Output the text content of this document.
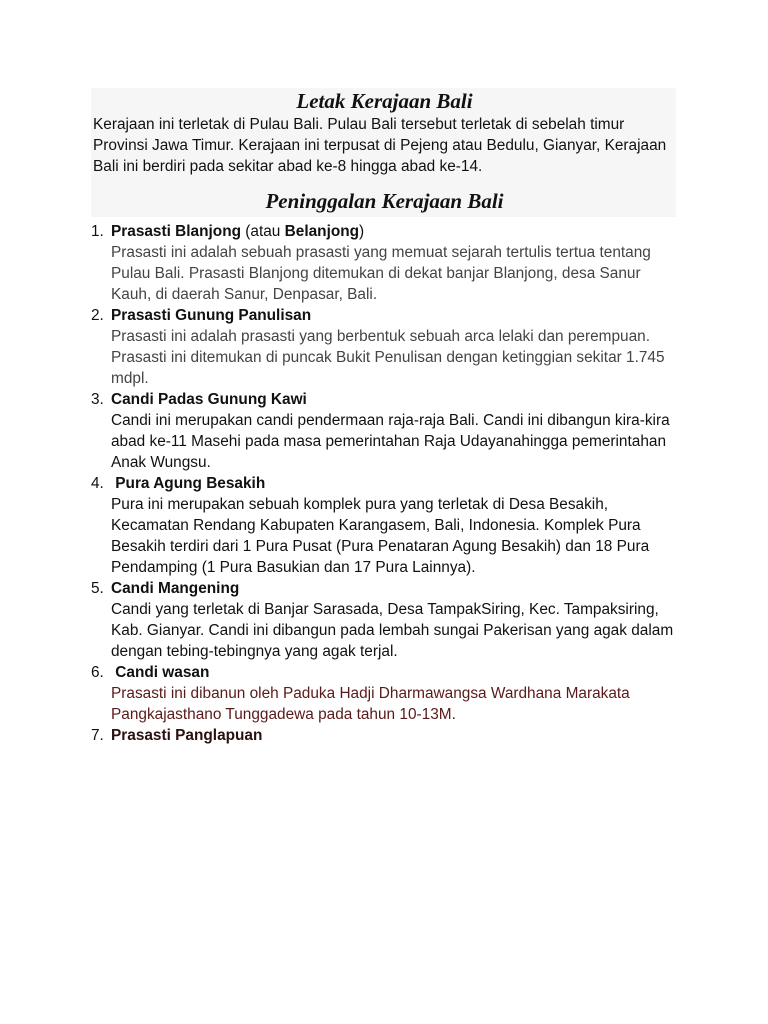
Letak Kerajaan Bali

Kerajaan ini terletak di Pulau Bali. Pulau Bali tersebut terletak di sebelah timur Provinsi Jawa Timur. Kerajaan ini terpusat di Pejeng atau Bedulu, Gianyar, Kerajaan Bali ini berdiri pada sekitar abad ke-8 hingga abad ke-14.

Peninggalan Kerajaan Bali
1. Prasasti Blanjong (atau Belanjong)
Prasasti ini adalah sebuah prasasti yang memuat sejarah tertulis tertua tentang Pulau Bali. Prasasti Blanjong ditemukan di dekat banjar Blanjong, desa Sanur Kauh, di daerah Sanur, Denpasar, Bali.
2. Prasasti Gunung Panulisan
Prasasti ini adalah prasasti yang berbentuk sebuah arca lelaki dan perempuan. Prasasti ini ditemukan di puncak Bukit Penulisan dengan ketinggian sekitar 1.745 mdpl.
3. Candi Padas Gunung Kawi
Candi ini merupakan candi pendermaan raja-raja Bali. Candi ini dibangun kira-kira abad ke-11 Masehi pada masa pemerintahan Raja Udayanahingga pemerintahan Anak Wungsu.
4. Pura Agung Besakih
Pura ini merupakan sebuah komplek pura yang terletak di Desa Besakih, Kecamatan Rendang Kabupaten Karangasem, Bali, Indonesia. Komplek Pura Besakih terdiri dari 1 Pura Pusat (Pura Penataran Agung Besakih) dan 18 Pura Pendamping (1 Pura Basukian dan 17 Pura Lainnya).
5. Candi Mangening
Candi yang terletak di Banjar Sarasada, Desa TampakSiring, Kec. Tampaksiring, Kab. Gianyar. Candi ini dibangun pada lembah sungai Pakerisan yang agak dalam dengan tebing-tebingnya yang agak terjal.
6. Candi wasan
Prasasti ini dibanun oleh Paduka Hadji Dharmawangsa Wardhana Marakata Pangkajasthano Tunggadewa pada tahun 10-13M.
7. Prasasti Panglapuan
